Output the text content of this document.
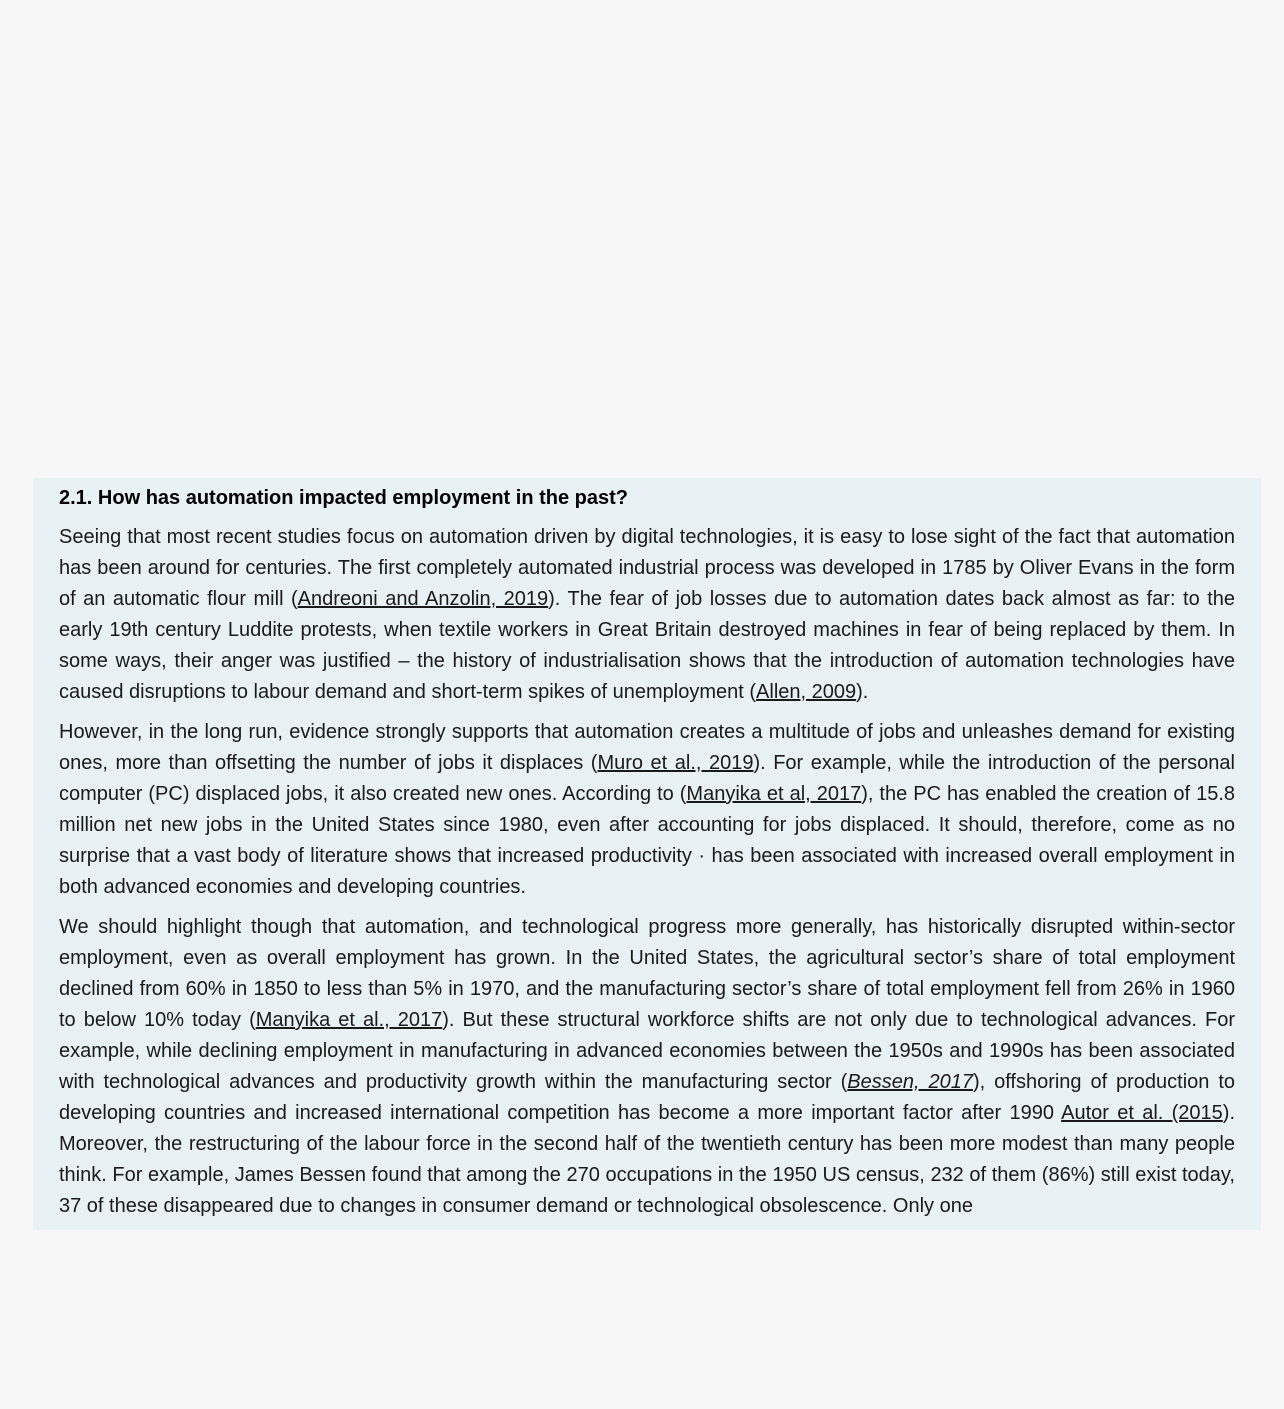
2.1. How has automation impacted employment in the past?

Seeing that most recent studies focus on automation driven by digital technologies, it is easy to lose sight of the fact that automation has been around for centuries. The first completely automated industrial process was developed in 1785 by Oliver Evans in the form of an automatic flour mill (Andreoni and Anzolin, 2019). The fear of job losses due to automation dates back almost as far: to the early 19th century Luddite protests, when textile workers in Great Britain destroyed machines in fear of being replaced by them. In some ways, their anger was justified – the history of industrialisation shows that the introduction of automation technologies have caused disruptions to labour demand and short-term spikes of unemployment (Allen, 2009).

However, in the long run, evidence strongly supports that automation creates a multitude of jobs and unleashes demand for existing ones, more than offsetting the number of jobs it displaces (Muro et al., 2019). For example, while the introduction of the personal computer (PC) displaced jobs, it also created new ones. According to (Manyika et al, 2017), the PC has enabled the creation of 15.8 million net new jobs in the United States since 1980, even after accounting for jobs displaced. It should, therefore, come as no surprise that a vast body of literature shows that increased productivity · has been associated with increased overall employment in both advanced economies and developing countries.

We should highlight though that automation, and technological progress more generally, has historically disrupted within-sector employment, even as overall employment has grown. In the United States, the agricultural sector’s share of total employment declined from 60% in 1850 to less than 5% in 1970, and the manufacturing sector’s share of total employment fell from 26% in 1960 to below 10% today (Manyika et al., 2017). But these structural workforce shifts are not only due to technological advances. For example, while declining employment in manufacturing in advanced economies between the 1950s and 1990s has been associated with technological advances and productivity growth within the manufacturing sector (Bessen, 2017), offshoring of production to developing countries and increased international competition has become a more important factor after 1990 Autor et al. (2015). Moreover, the restructuring of the labour force in the second half of the twentieth century has been more modest than many people think. For example, James Bessen found that among the 270 occupations in the 1950 US census, 232 of them (86%) still exist today, 37 of these disappeared due to changes in consumer demand or technological obsolescence. Only one
